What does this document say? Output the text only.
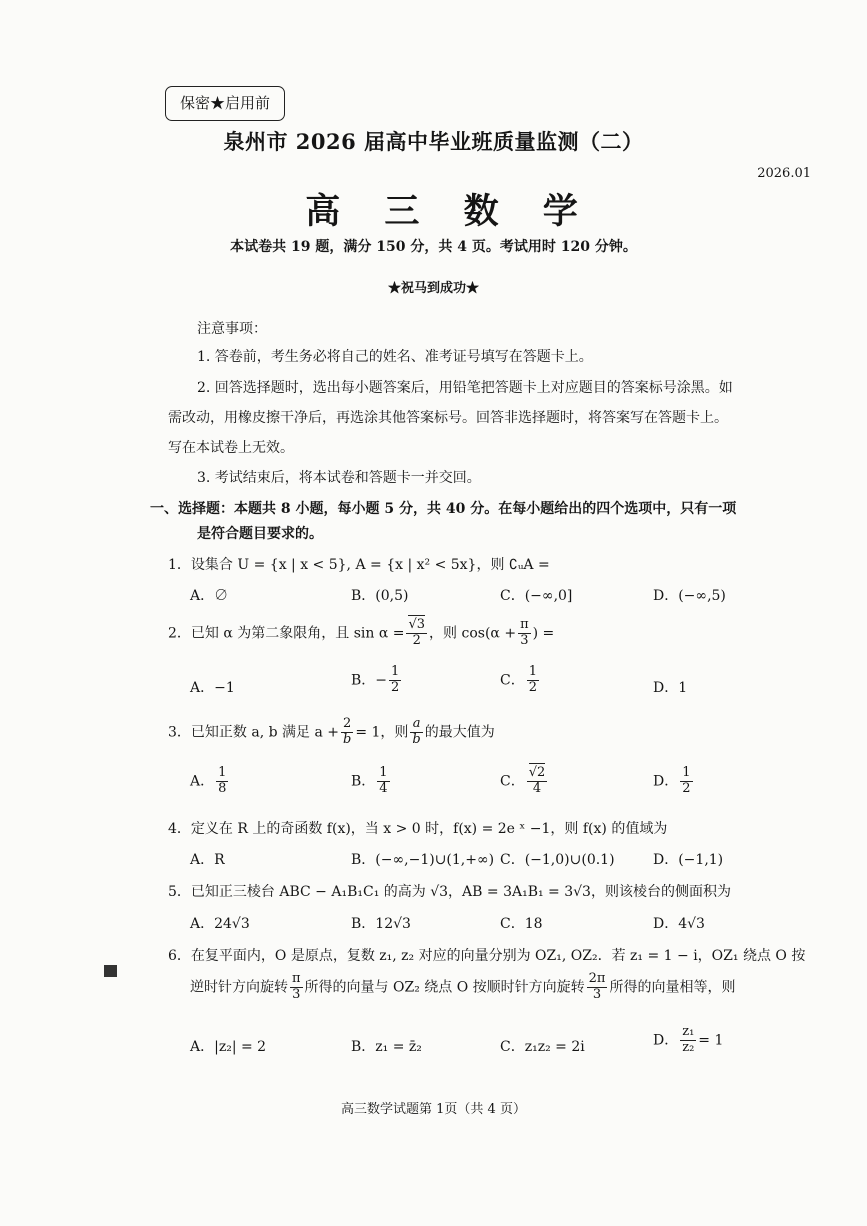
保密★启用前
泉州市 2026 届高中毕业班质量监测（二）
2026.01
高 三 数 学
本试卷共 19 题，满分 150 分，共 4 页。考试用时 120 分钟。
★祝马到成功★
注意事项：
1. 答卷前，考生务必将自己的姓名、准考证号填写在答题卡上。
2. 回答选择题时，选出每小题答案后，用铅笔把答题卡上对应题目的答案标号涂黑。如
需改动，用橡皮擦干净后，再选涂其他答案标号。回答非选择题时，将答案写在答题卡上。
写在本试卷上无效。
3. 考试结束后，将本试卷和答题卡一并交回。
一、选择题：本题共 8 小题，每小题 5 分，共 40 分。在每小题给出的四个选项中，只有一项
是符合题目要求的。
1．设集合 U = {x | x < 5}, A = {x | x² < 5x}，则 ∁ᵤA =
A．∅	B．(0,5)	C．(−∞,0]	D．(−∞,5)
2．已知 α 为第二象限角，且 $\sin \alpha = \frac{√3}{2}$ ，则 $\cos(\alpha + \frac{\pi}{3}$ ) =
A．−1	B．− $\frac{1}{2}$	C． $\frac{1}{2}$	D．1
3．已知正数 a, b 满足 $a + \frac{2}{b} = 1$，则 $\frac{a}{b}$ 的最大值为
A． $\frac{1}{8}$	B． $\frac{1}{4}$	C． $\frac{√2}{4}$	D． $\frac{1}{2}$
4．定义在 R 上的奇函数 f(x)，当 x > 0 时，f(x) = 2e ˣ −1，则 f(x) 的值域为
A．R	B．(−∞,−1)∪(1,+∞) C．(−1,0)∪(0.1)	D．(−1,1)
5．已知正三棱台 ABC − A₁B₁C₁ 的高为 √3，AB = 3A₁B₁ = 3√3，则该棱台的侧面积为
A．24√3	B．12√3	C．18	D．4√3
6．在复平面内，O 是原点，复数 z₁, z₂ 对应的向量分别为 OZ₁, OZ₂．若 z₁ = 1 − i，OZ₁ 绕点 O 按
逆时针方向旋转 $\frac{\pi}{3}$ 所得的向量与 OZ₂ 绕点 O 按顺时针方向旋转 $\frac{2\pi}{3}$ 所得的向量相等，则
A．|z₂| = 2	B．z₁ = z̄₂	C．z₁z₂ = 2i	D． $\frac{\text{z₁}}{\text{z₂}} = 1$
高三数学试题第 1页（共 4 页）
